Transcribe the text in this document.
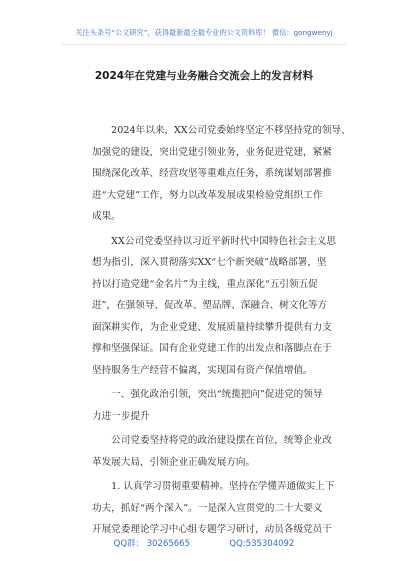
关注头条号“公文研究”，获得最新最全最专业的公文资料库！ 微信：gongwenyj
2024年在党建与业务融合交流会上的发言材料
　　2024年以来，XX公司党委始终坚定不移坚持党的领导、
加强党的建设，突出党建引领业务，业务促进党建，紧紧
围绕深化改革、经营攻坚等重难点任务，系统谋划部署推
进“大党建”工作，努力以改革发展成果检验党组织工作
成果。
　　XX公司党委坚持以习近平新时代中国特色社会主义思
想为指引，深入贯彻落实XX“七个新突破”战略部署，坚
持以打造党建“金名片”为主线，重点深化“五引领五促
进”，在强领导、促改革、塑品牌、深融合、树文化等方
面深耕实作，为企业党建、发展质量持续攀升提供有力支
撑和坚强保证。国有企业党建工作的出发点和落脚点在于
坚持服务生产经营不偏离，实现国有资产保值增值。
　　一、强化政治引领，突出“统揽把向”促进党的领导
力进一步提升
　　公司党委坚持将党的政治建设摆在首位，统筹企业改
革发展大局，引领企业正确发展方向。
　　1. 认真学习贯彻重要精神。坚持在学懂弄通做实上下
功夫，抓好“两个深入”。一是深入宣贯党的二十大要义
开展党委理论学习中心组专题学习研讨，动员各级党员干
QQ群： 30265665	QQ:535304092
